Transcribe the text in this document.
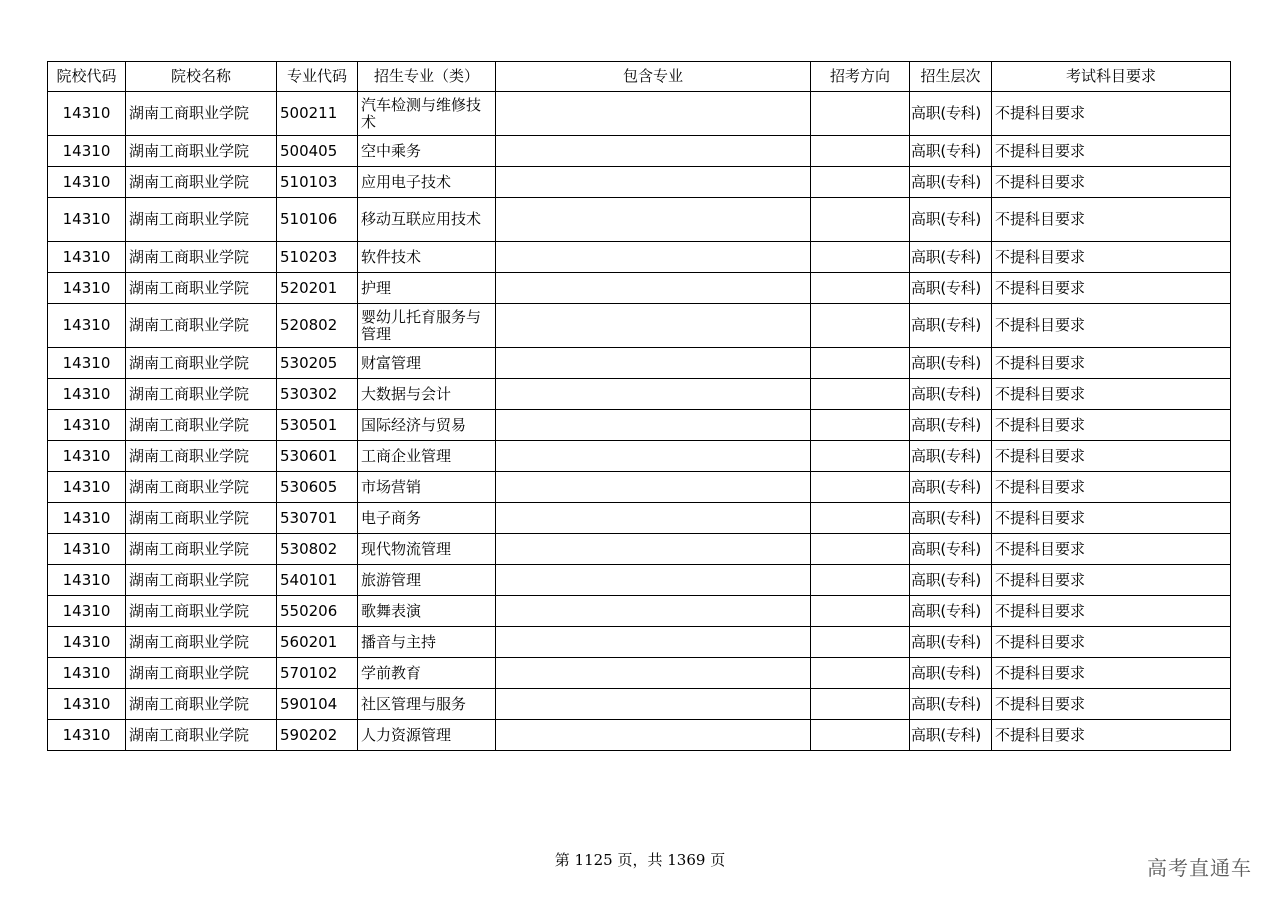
院校代码	院校名称	专业代码	招生专业（类）	包含专业	招考方向	招生层次	考试科目要求
14310	湖南工商职业学院	500211	汽车检测与维修技术			高职(专科)	不提科目要求
14310	湖南工商职业学院	500405	空中乘务			高职(专科)	不提科目要求
14310	湖南工商职业学院	510103	应用电子技术			高职(专科)	不提科目要求
14310	湖南工商职业学院	510106	移动互联应用技术			高职(专科)	不提科目要求
14310	湖南工商职业学院	510203	软件技术			高职(专科)	不提科目要求
14310	湖南工商职业学院	520201	护理			高职(专科)	不提科目要求
14310	湖南工商职业学院	520802	婴幼儿托育服务与管理			高职(专科)	不提科目要求
14310	湖南工商职业学院	530205	财富管理			高职(专科)	不提科目要求
14310	湖南工商职业学院	530302	大数据与会计			高职(专科)	不提科目要求
14310	湖南工商职业学院	530501	国际经济与贸易			高职(专科)	不提科目要求
14310	湖南工商职业学院	530601	工商企业管理			高职(专科)	不提科目要求
14310	湖南工商职业学院	530605	市场营销			高职(专科)	不提科目要求
14310	湖南工商职业学院	530701	电子商务			高职(专科)	不提科目要求
14310	湖南工商职业学院	530802	现代物流管理			高职(专科)	不提科目要求
14310	湖南工商职业学院	540101	旅游管理			高职(专科)	不提科目要求
14310	湖南工商职业学院	550206	歌舞表演			高职(专科)	不提科目要求
14310	湖南工商职业学院	560201	播音与主持			高职(专科)	不提科目要求
14310	湖南工商职业学院	570102	学前教育			高职(专科)	不提科目要求
14310	湖南工商职业学院	590104	社区管理与服务			高职(专科)	不提科目要求
14310	湖南工商职业学院	590202	人力资源管理			高职(专科)	不提科目要求
第 1125 页，共 1369 页	高考直通车
